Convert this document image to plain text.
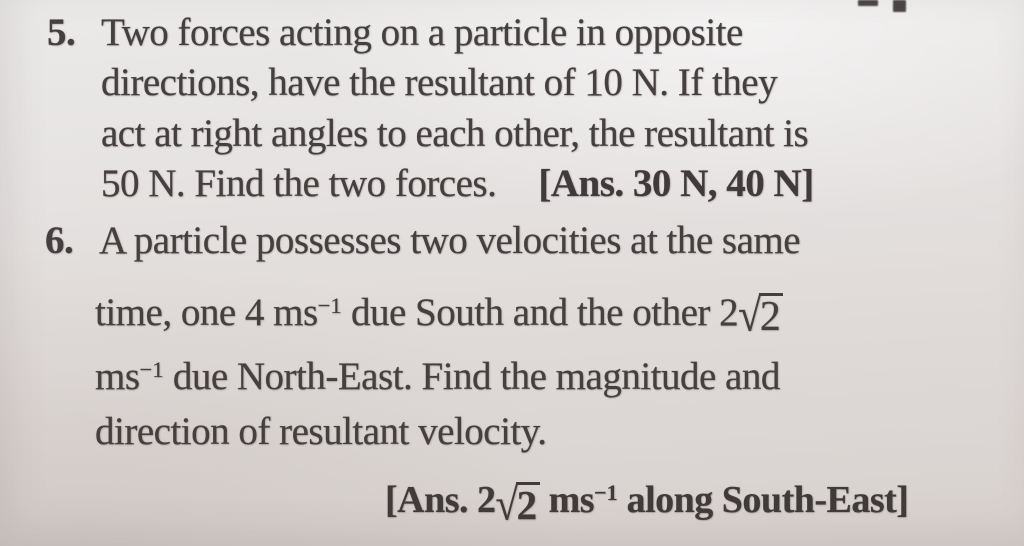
5. Two forces acting on a particle in opposite
directions, have the resultant of 10 N. If they
act at right angles to each other, the resultant is
50 N. Find the two forces. [Ans. 30 N, 40 N]
6. A particle possesses two velocities at the same
time, one 4 ms−1 due South and the other 2√2
ms−1 due North-East. Find the magnitude and
direction of resultant velocity.
[Ans. 2√2 ms−1 along South-East]
